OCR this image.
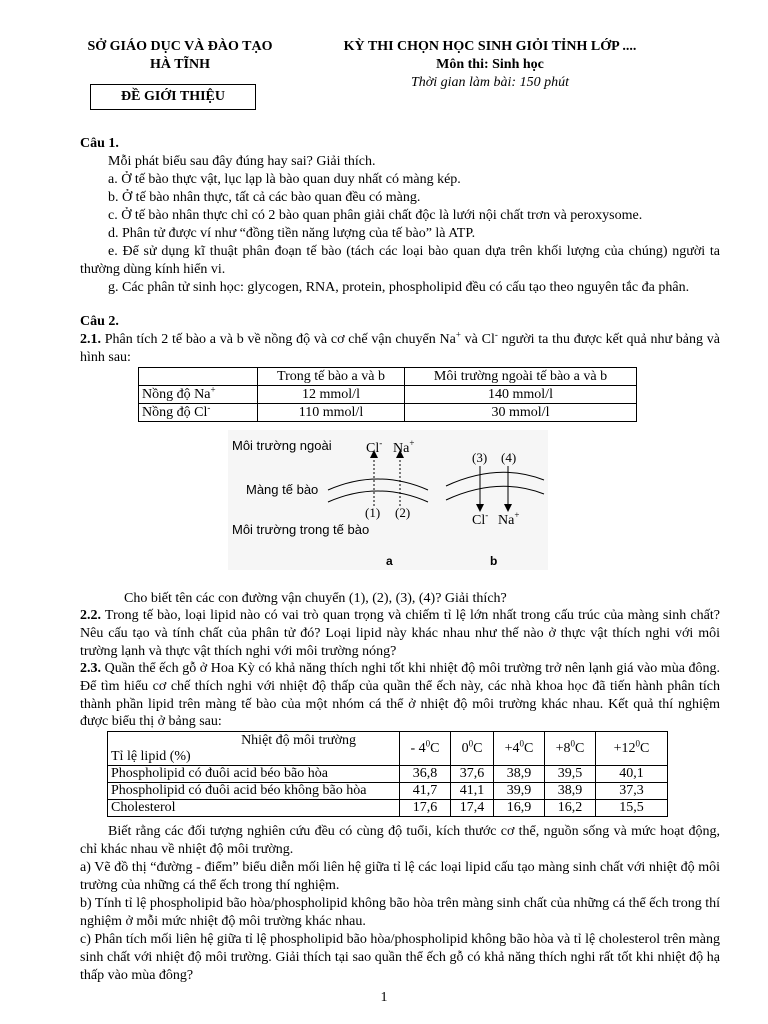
SỞ GIÁO DỤC VÀ ĐÀO TẠO
HÀ TĨNH
ĐỀ GIỚI THIỆU
KỲ THI CHỌN HỌC SINH GIỎI TỈNH LỚP ....
Môn thi: Sinh học
Thời gian làm bài: 150 phút
Câu 1.
Mỗi phát biểu sau đây đúng hay sai? Giải thích.
a. Ở tế bào thực vật, lục lạp là bào quan duy nhất có màng kép.
b. Ở tế bào nhân thực, tất cả các bào quan đều có màng.
c. Ở tế bào nhân thực chỉ có 2 bào quan phân giải chất độc là lưới nội chất trơn và peroxysome.
d. Phân tử được ví như “đồng tiền năng lượng của tế bào” là ATP.
e. Để sử dụng kĩ thuật phân đoạn tế bào (tách các loại bào quan dựa trên khối lượng của chúng) người ta thường dùng kính hiển vi.
g. Các phân tử sinh học: glycogen, RNA, protein, phospholipid đều có cấu tạo theo nguyên tắc đa phân.
Câu 2.
2.1. Phân tích 2 tế bào a và b về nồng độ và cơ chế vận chuyển Na+ và Cl- người ta thu được kết quả như bảng và hình sau:
	Trong tế bào a và b	Môi trường ngoài tế bào a và b
Nồng độ Na+	12 mmol/l	140 mmol/l
Nồng độ Cl-	110 mmol/l	30 mmol/l
Môi trường ngoài
Màng tế bào
Môi trường trong tế bào
Cl- Na+
(1) (2)
(3) (4)
Cl- Na+
a	b
Cho biết tên các con đường vận chuyển (1), (2), (3), (4)? Giải thích?
2.2. Trong tế bào, loại lipid nào có vai trò quan trọng và chiếm tỉ lệ lớn nhất trong cấu trúc của màng sinh chất? Nêu cấu tạo và tính chất của phân tử đó? Loại lipid này khác nhau như thế nào ở thực vật thích nghi với môi trường lạnh và thực vật thích nghi với môi trường nóng?
2.3. Quần thể ếch gỗ ở Hoa Kỳ có khả năng thích nghi tốt khi nhiệt độ môi trường trở nên lạnh giá vào mùa đông. Để tìm hiểu cơ chế thích nghi với nhiệt độ thấp của quần thể ếch này, các nhà khoa học đã tiến hành phân tích thành phần lipid trên màng tế bào của một nhóm cá thể ở nhiệt độ môi trường khác nhau. Kết quả thí nghiệm được biểu thị ở bảng sau:
Nhiệt độ môi trường
Tỉ lệ lipid (%)	- $4^0C$	$0^0C$	$+4^0C$	$+8^0C$	$+12^0C$
Phospholipid có đuôi acid béo bão hòa	36,8	37,6	38,9	39,5	40,1
Phospholipid có đuôi acid béo không bão hòa	41,7	41,1	39,9	38,9	37,3
Cholesterol	17,6	17,4	16,9	16,2	15,5
Biết rằng các đối tượng nghiên cứu đều có cùng độ tuổi, kích thước cơ thể, nguồn sống và mức hoạt động, chỉ khác nhau về nhiệt độ môi trường.
a) Vẽ đồ thị “đường - điểm” biểu diễn mối liên hệ giữa tỉ lệ các loại lipid cấu tạo màng sinh chất với nhiệt độ môi trường của những cá thể ếch trong thí nghiệm.
b) Tính tỉ lệ phospholipid bão hòa/phospholipid không bão hòa trên màng sinh chất của những cá thể ếch trong thí nghiệm ở mỗi mức nhiệt độ môi trường khác nhau.
c) Phân tích mối liên hệ giữa tỉ lệ phospholipid bão hòa/phospholipid không bão hòa và tỉ lệ cholesterol trên màng sinh chất với nhiệt độ môi trường. Giải thích tại sao quần thể ếch gỗ có khả năng thích nghi rất tốt khi nhiệt độ hạ thấp vào mùa đông?
1
